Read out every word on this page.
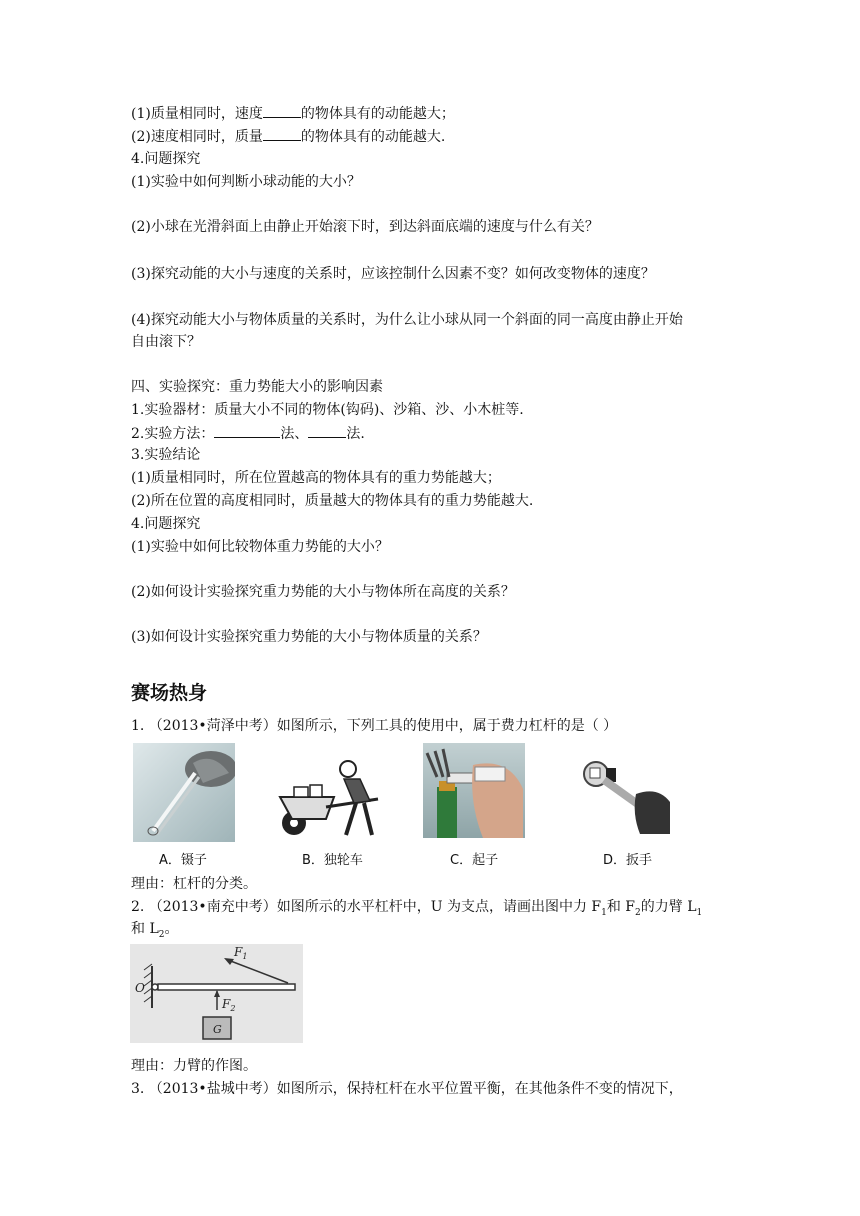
(1)质量相同时，速度	的物体具有的动能越大；
(2)速度相同时，质量	的物体具有的动能越大.
4.问题探究
(1)实验中如何判断小球动能的大小？
(2)小球在光滑斜面上由静止开始滚下时，到达斜面底端的速度与什么有关？
(3)探究动能的大小与速度的关系时，应该控制什么因素不变？如何改变物体的速度？
(4)探究动能大小与物体质量的关系时，为什么让小球从同一个斜面的同一高度由静止开始
自由滚下？
四、实验探究：重力势能大小的影响因素
1.实验器材：质量大小不同的物体(钩码)、沙箱、沙、小木桩等.
2.实验方法：	法、	法.
3.实验结论
(1)质量相同时，所在位置越高的物体具有的重力势能越大；
(2)所在位置的高度相同时，质量越大的物体具有的重力势能越大.
4.问题探究
(1)实验中如何比较物体重力势能的大小？
(2)如何设计实验探究重力势能的大小与物体所在高度的关系？
(3)如何设计实验探究重力势能的大小与物体质量的关系？
赛场热身
1. （2013•菏泽中考）如图所示，下列工具的使用中，属于费力杠杆的是（ ）
A．镊子	B．独轮车	C．起子	D．扳手
理由：杠杆的分类。
2. （2013•南充中考）如图所示的水平杠杆中，U 为支点，请画出图中力 $F_1$和 $F_2$的力臂 $L_1$
和 $L_2$。
O
$F_1$
$F_2$
G
理由：力臂的作图。
3. （2013•盐城中考）如图所示，保持杠杆在水平位置平衡，在其他条件不变的情况下，
